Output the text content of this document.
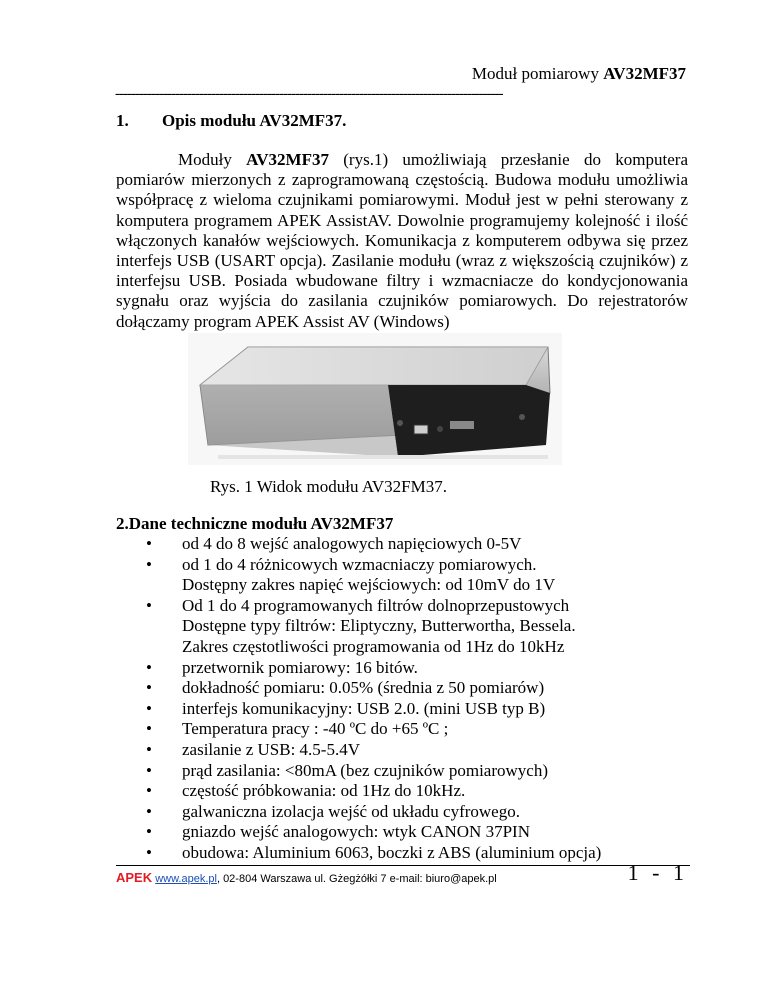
Moduł pomiarowy AV32MF37
-------------------------------------------------------------------------------------------------
1. Opis modułu AV32MF37.

Moduły AV32MF37 (rys.1) umożliwiają przesłanie do komputera pomiarów mierzonych z zaprogramowaną częstością. Budowa modułu umożliwia współpracę z wieloma czujnikami pomiarowymi. Moduł jest w pełni sterowany z komputera programem APEK AssistAV. Dowolnie programujemy kolejność i ilość włączonych kanałów wejściowych. Komunikacja z komputerem odbywa się przez interfejs USB (USART opcja). Zasilanie modułu (wraz z większością czujników) z interfejsu USB. Posiada wbudowane filtry i wzmacniacze do kondycjonowania sygnału oraz wyjścia do zasilania czujników pomiarowych. Do rejestratorów dołączamy program APEK Assist AV (Windows)

Rys. 1 Widok modułu AV32FM37.
2.Dane techniczne modułu AV32MF37
• od 4 do 8 wejść analogowych napięciowych 0-5V
• od 1 do 4 różnicowych wzmacniaczy pomiarowych.
Dostępny zakres napięć wejściowych: od 10mV do 1V
• Od 1 do 4 programowanych filtrów dolnoprzepustowych
Dostępne typy filtrów: Eliptyczny, Butterwortha, Bessela.
Zakres częstotliwości programowania od 1Hz do 10kHz
• przetwornik pomiarowy: 16 bitów.
• dokładność pomiaru: 0.05% (średnia z 50 pomiarów)
• interfejs komunikacyjny: USB 2.0. (mini USB typ B)
• Temperatura pracy : -40 ºC do +65 ºC ;
• zasilanie z USB: 4.5-5.4V
• prąd zasilania: <80mA (bez czujników pomiarowych)
• częstość próbkowania: od 1Hz do 10kHz.
• galwaniczna izolacja wejść od układu cyfrowego.
• gniazdo wejść analogowych: wtyk CANON 37PIN
• obudowa: Aluminium 6063, boczki z ABS (aluminium opcja)
APEK www.apek.pl, 02-804 Warszawa ul. Gżegżółki 7 e-mail: biuro@apek.pl	1 - 1
